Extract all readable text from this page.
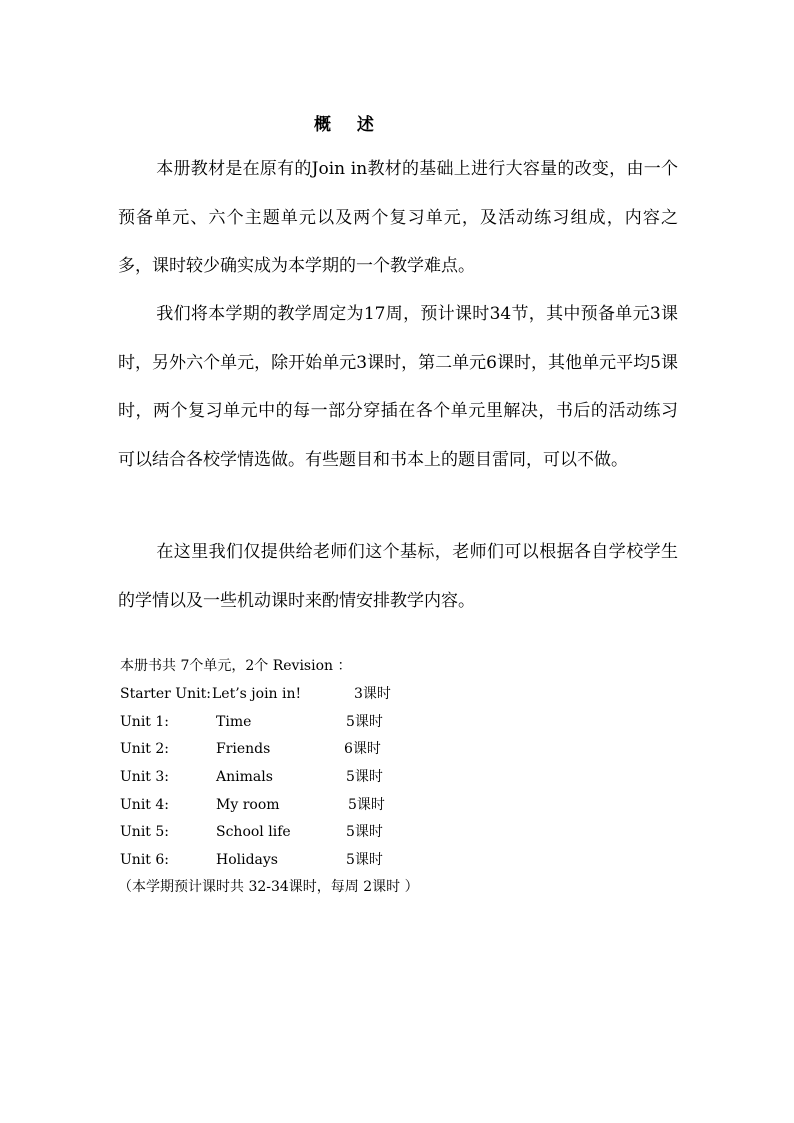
概 述

本册教材是在原有的Join in教材的基础上进行大容量的改变，由一个预备单元、六个主题单元以及两个复习单元，及活动练习组成，内容之多，课时较少确实成为本学期的一个教学难点。

我们将本学期的教学周定为17周，预计课时34节，其中预备单元3课时，另外六个单元，除开始单元3课时，第二单元6课时，其他单元平均5课时，两个复习单元中的每一部分穿插在各个单元里解决，书后的活动练习可以结合各校学情选做。有些题目和书本上的题目雷同，可以不做。

在这里我们仅提供给老师们这个基标，老师们可以根据各自学校学生的学情以及一些机动课时来酌情安排教学内容。

本册书共 7个单元，2个 Revision ：
Starter Unit: Let’s join in!	3课时
Unit 1:	Time	5课时
Unit 2:	Friends	6课时
Unit 3:	Animals	5课时
Unit 4:	My room	5课时
Unit 5:	School life	5课时
Unit 6:	Holidays	5课时
（本学期预计课时共 32-34课时，每周 2课时 ）
